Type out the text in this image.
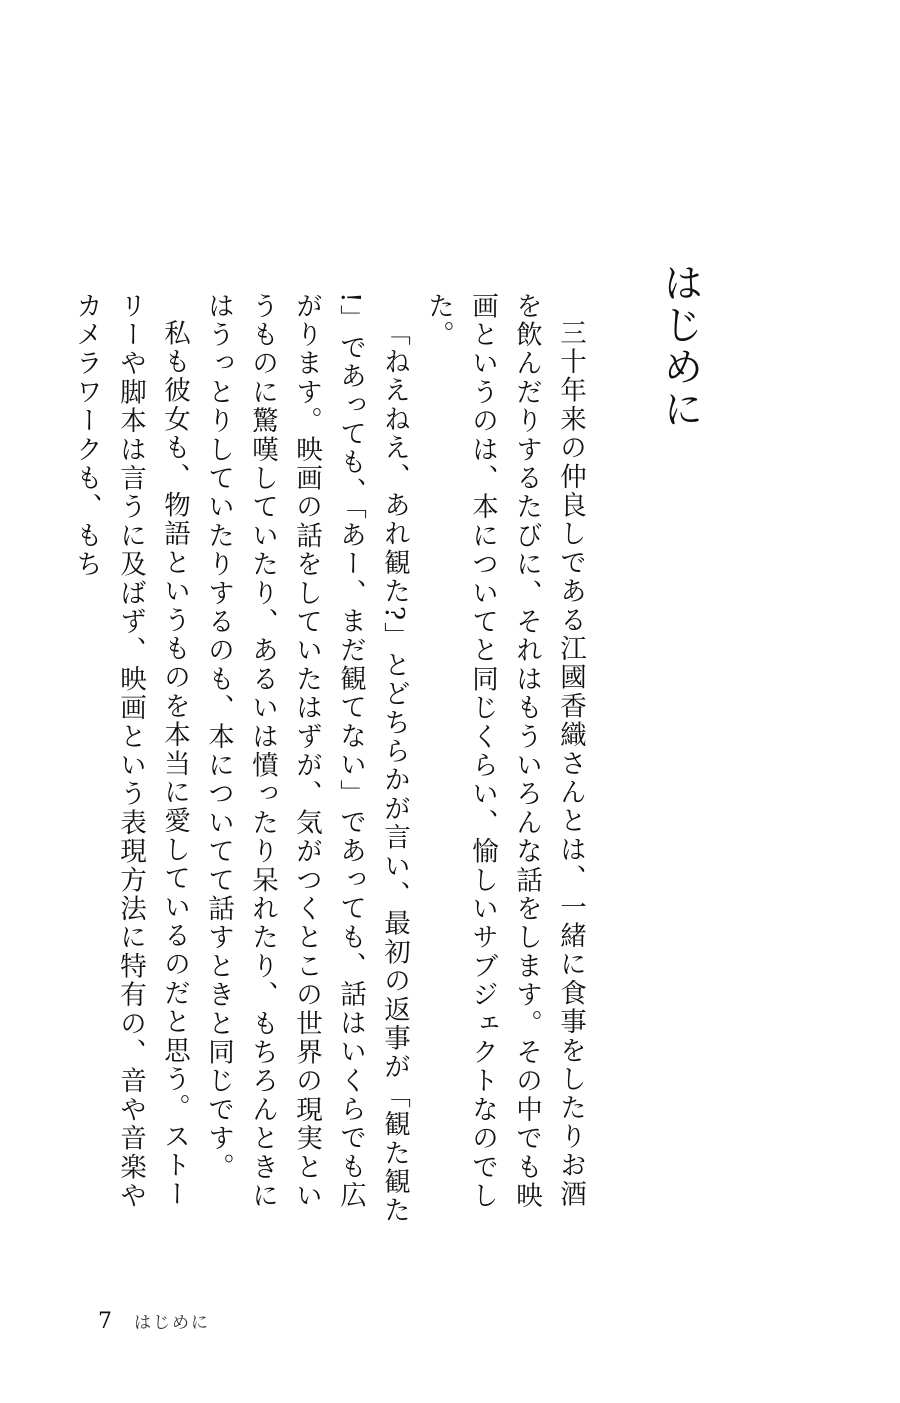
はじめに

三十年来の仲良しである江國香織さんとは、一緒に食事をしたりお酒を飲んだりするたびに、それはもういろんな話をします。その中でも映画というのは、本についてと同じくらい、愉しいサブジェクトなのでした。

「ねえねえ、あれ観た?」とどちらかが言い、最初の返事が「観た観た!」であっても、「あー、まだ観てない」であっても、話はいくらでも広がります。映画の話をしていたはずが、気がつくとこの世界の現実というものに驚嘆していたり、あるいは憤ったり呆れたり、もちろんときにはうっとりしていたりするのも、本についてて話すときと同じです。

私も彼女も、物語というものを本当に愛しているのだと思う。ストーリーや脚本は言うに及ばず、映画という表現方法に特有の、音や音楽やカメラワークも、もち

7 はじめに
